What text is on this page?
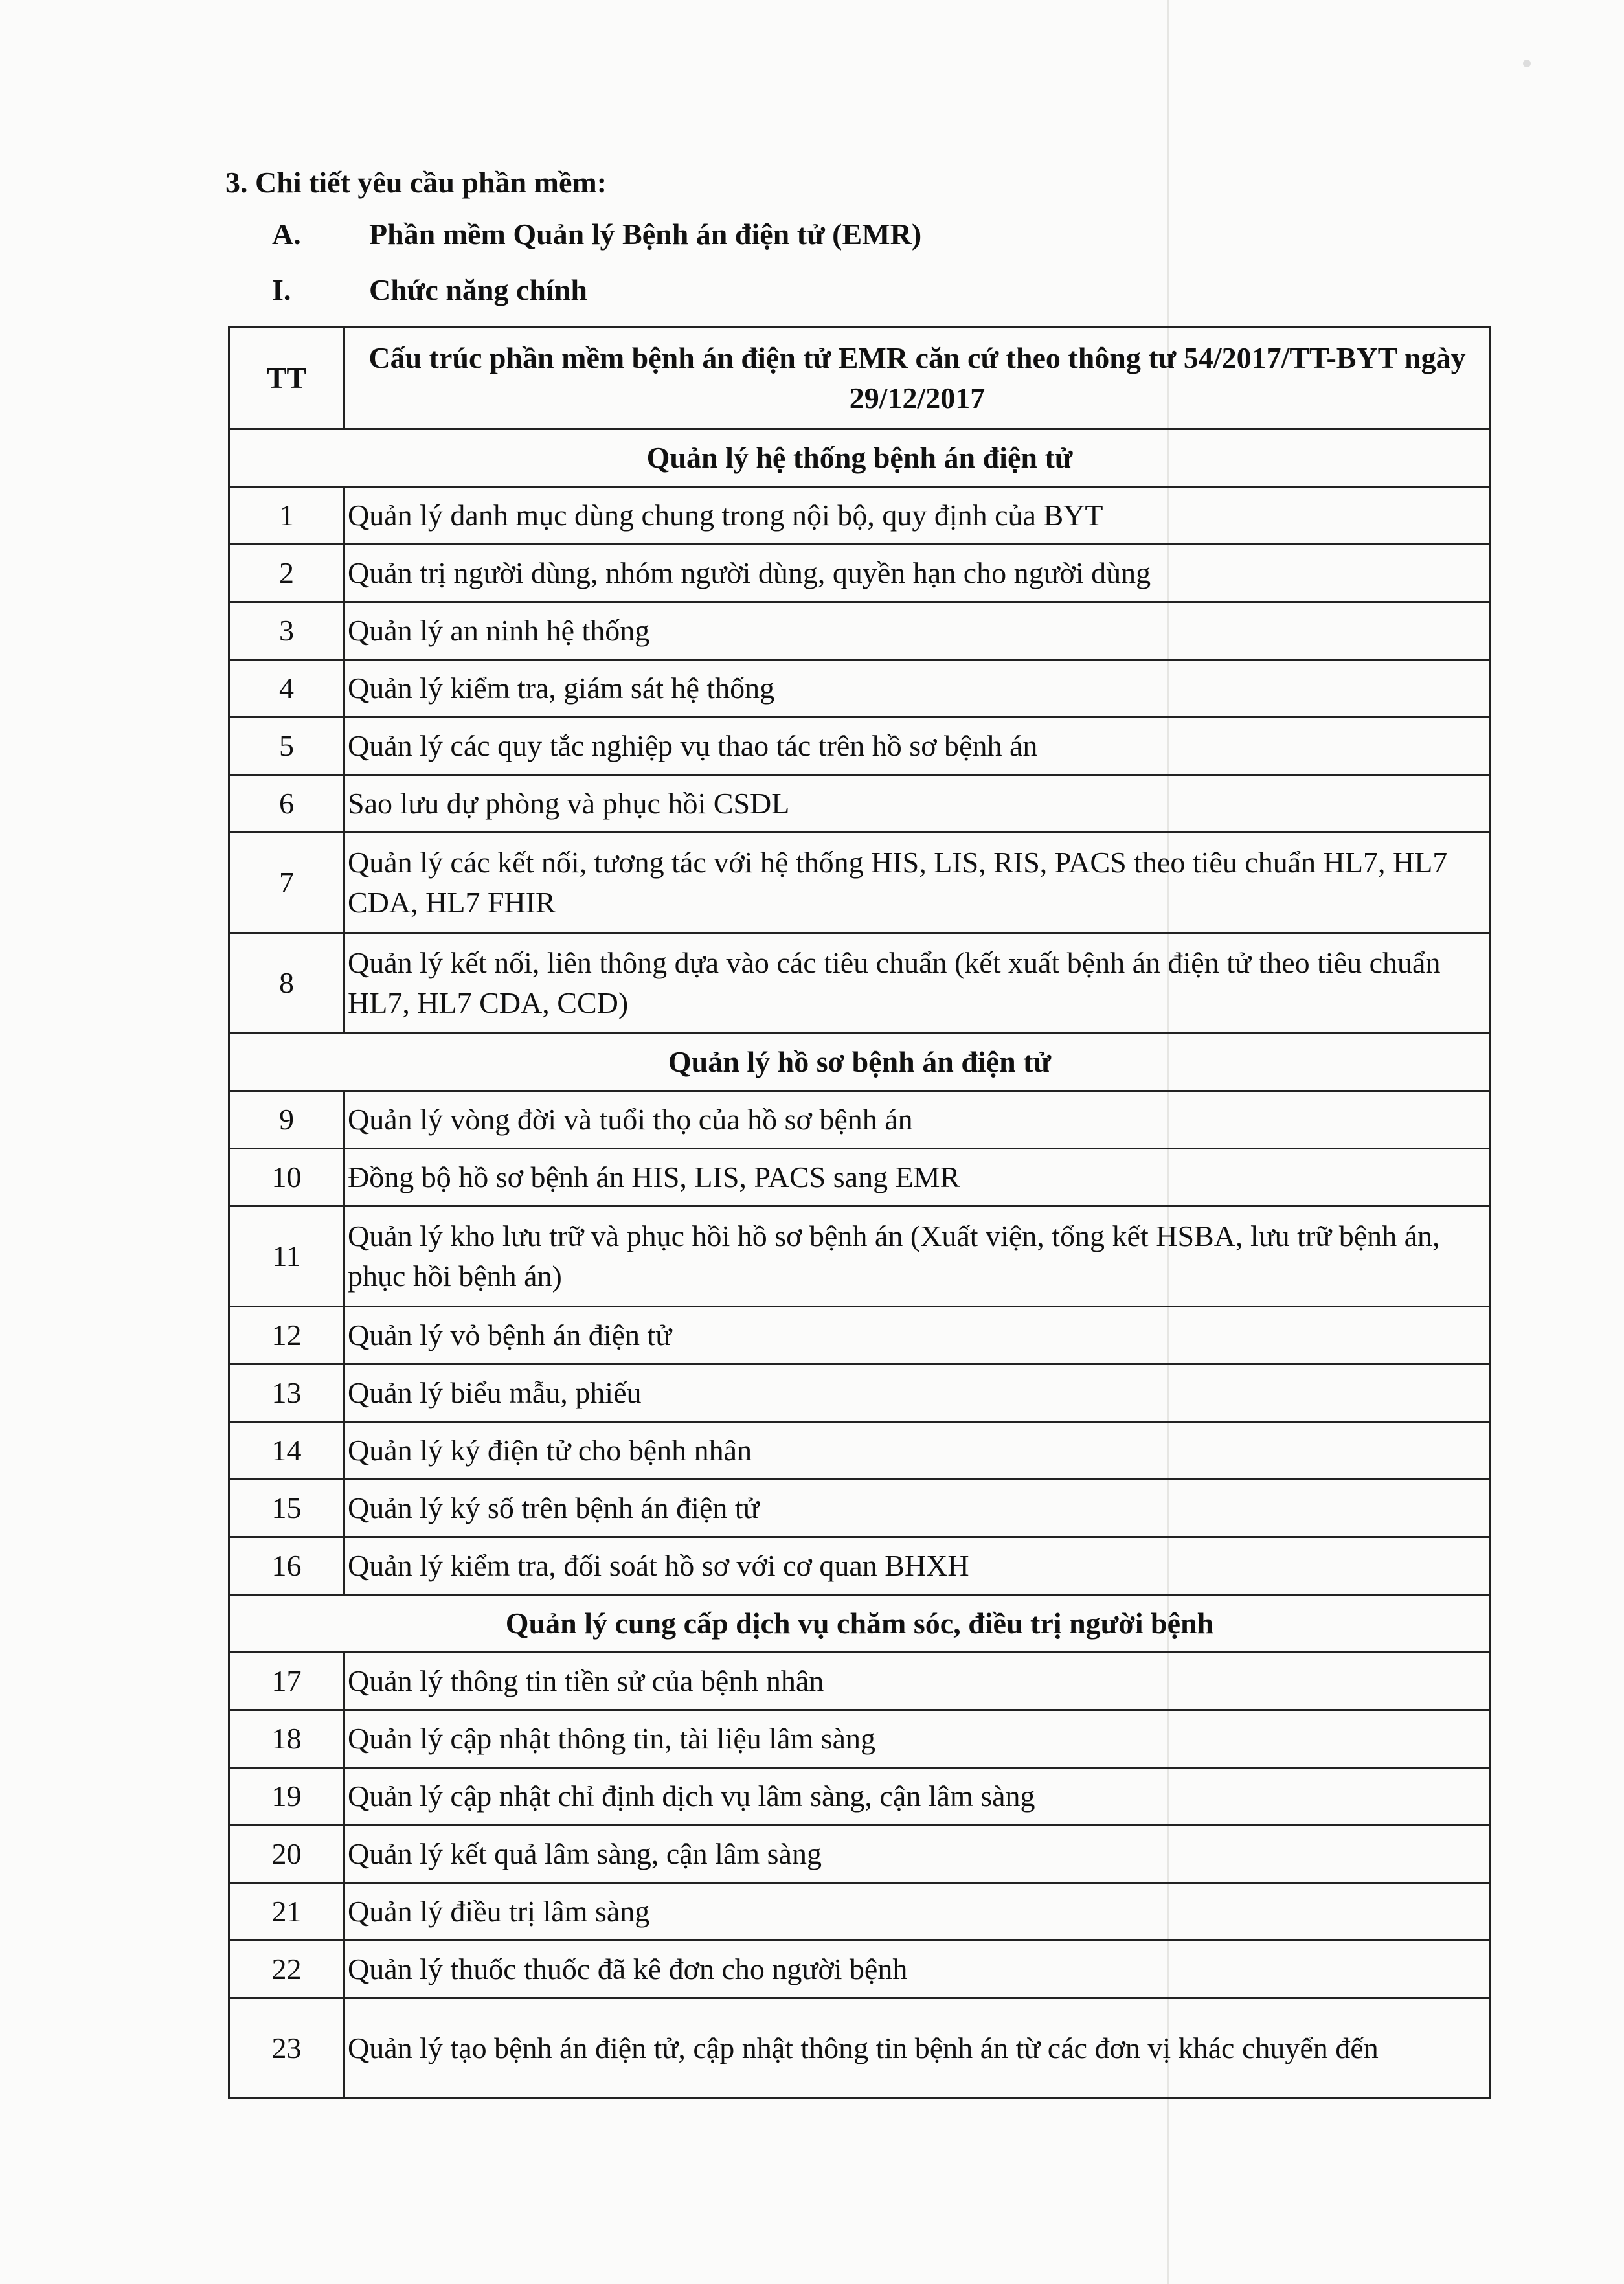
3. Chi tiết yêu cầu phần mềm:
A. Phần mềm Quản lý Bệnh án điện tử (EMR)
I.	Chức năng chính
TT	Cấu trúc phần mềm bệnh án điện tử EMR căn cứ theo thông tư 54/2017/TT-BYT ngày 29/12/2017
Quản lý hệ thống bệnh án điện tử	
1	Quản lý danh mục dùng chung trong nội bộ, quy định của BYT
2	Quản trị người dùng, nhóm người dùng, quyền hạn cho người dùng
3	Quản lý an ninh hệ thống
4	Quản lý kiểm tra, giám sát hệ thống
5	Quản lý các quy tắc nghiệp vụ thao tác trên hồ sơ bệnh án
6	Sao lưu dự phòng và phục hồi CSDL
7	Quản lý các kết nối, tương tác với hệ thống HIS, LIS, RIS, PACS theo tiêu chuẩn HL7, HL7 CDA, HL7 FHIR
8	Quản lý kết nối, liên thông dựa vào các tiêu chuẩn (kết xuất bệnh án điện tử theo tiêu chuẩn HL7, HL7 CDA, CCD)
Quản lý hồ sơ bệnh án điện tử	
9	Quản lý vòng đời và tuổi thọ của hồ sơ bệnh án
10	Đồng bộ hồ sơ bệnh án HIS, LIS, PACS sang EMR
11	Quản lý kho lưu trữ và phục hồi hồ sơ bệnh án (Xuất viện, tổng kết HSBA, lưu trữ bệnh án, phục hồi bệnh án)
12	Quản lý vỏ bệnh án điện tử
13	Quản lý biểu mẫu, phiếu
14	Quản lý ký điện tử cho bệnh nhân
15	Quản lý ký số trên bệnh án điện tử
16	Quản lý kiểm tra, đối soát hồ sơ với cơ quan BHXH
Quản lý cung cấp dịch vụ chăm sóc, điều trị người bệnh	
17	Quản lý thông tin tiền sử của bệnh nhân
18	Quản lý cập nhật thông tin, tài liệu lâm sàng
19	Quản lý cập nhật chỉ định dịch vụ lâm sàng, cận lâm sàng
20	Quản lý kết quả lâm sàng, cận lâm sàng
21	Quản lý điều trị lâm sàng
22	Quản lý thuốc thuốc đã kê đơn cho người bệnh
23	Quản lý tạo bệnh án điện tử, cập nhật thông tin bệnh án từ các đơn vị khác chuyển đến
